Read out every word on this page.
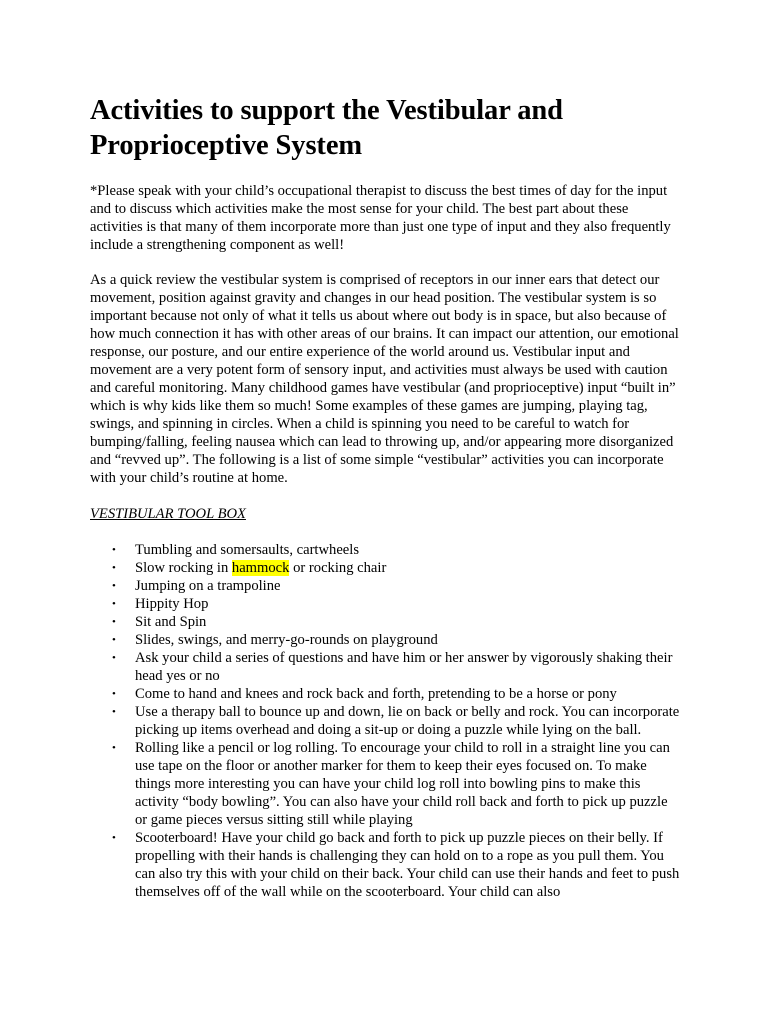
Activities to support the Vestibular and Proprioceptive System

*Please speak with your child’s occupational therapist to discuss the best times of day for the input and to discuss which activities make the most sense for your child. The best part about these activities is that many of them incorporate more than just one type of input and they also frequently include a strengthening component as well!

As a quick review the vestibular system is comprised of receptors in our inner ears that detect our movement, position against gravity and changes in our head position. The vestibular system is so important because not only of what it tells us about where out body is in space, but also because of how much connection it has with other areas of our brains. It can impact our attention, our emotional response, our posture, and our entire experience of the world around us. Vestibular input and movement are a very potent form of sensory input, and activities must always be used with caution and careful monitoring. Many childhood games have vestibular (and proprioceptive) input “built in” which is why kids like them so much! Some examples of these games are jumping, playing tag, swings, and spinning in circles. When a child is spinning you need to be careful to watch for bumping/falling, feeling nausea which can lead to throwing up, and/or appearing more disorganized and “revved up”. The following is a list of some simple “vestibular” activities you can incorporate with your child’s routine at home.

VESTIBULAR TOOL BOX

• Tumbling and somersaults, cartwheels
• Slow rocking in hammock or rocking chair
• Jumping on a trampoline
• Hippity Hop
• Sit and Spin
• Slides, swings, and merry-go-rounds on playground
• Ask your child a series of questions and have him or her answer by vigorously shaking their head yes or no
• Come to hand and knees and rock back and forth, pretending to be a horse or pony
• Use a therapy ball to bounce up and down, lie on back or belly and rock. You can incorporate picking up items overhead and doing a sit-up or doing a puzzle while lying on the ball.
• Rolling like a pencil or log rolling. To encourage your child to roll in a straight line you can use tape on the floor or another marker for them to keep their eyes focused on. To make things more interesting you can have your child log roll into bowling pins to make this activity “body bowling”. You can also have your child roll back and forth to pick up puzzle or game pieces versus sitting still while playing
• Scooterboard! Have your child go back and forth to pick up puzzle pieces on their belly. If propelling with their hands is challenging they can hold on to a rope as you pull them. You can also try this with your child on their back. Your child can use their hands and feet to push themselves off of the wall while on the scooterboard. Your child can also
